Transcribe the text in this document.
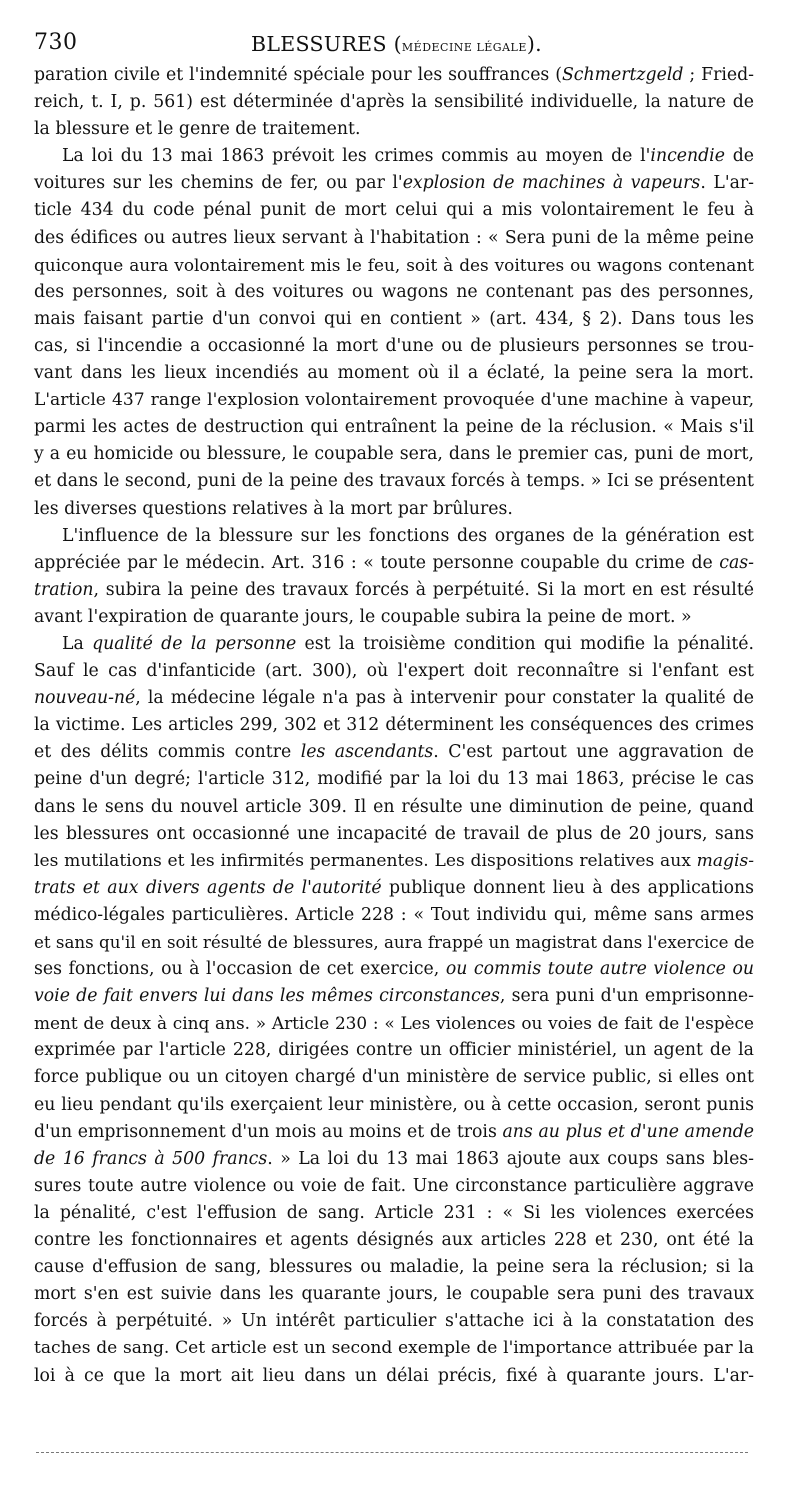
730	BLESSURES (MÉDECINE LÉGALE).
paration civile et l'indemnité spéciale pour les souffrances (Schmertzgeld ; Fried-
reich, t. I, p. 561) est déterminée d'après la sensibilité individuelle, la nature de
la blessure et le genre de traitement.
La loi du 13 mai 1863 prévoit les crimes commis au moyen de l'incendie de
voitures sur les chemins de fer, ou par l'explosion de machines à vapeurs. L'ar-
ticle 434 du code pénal punit de mort celui qui a mis volontairement le feu à
des édifices ou autres lieux servant à l'habitation : « Sera puni de la même peine
quiconque aura volontairement mis le feu, soit à des voitures ou wagons contenant
des personnes, soit à des voitures ou wagons ne contenant pas des personnes,
mais faisant partie d'un convoi qui en contient » (art. 434, § 2). Dans tous les
cas, si l'incendie a occasionné la mort d'une ou de plusieurs personnes se trou-
vant dans les lieux incendiés au moment où il a éclaté, la peine sera la mort.
L'article 437 range l'explosion volontairement provoquée d'une machine à vapeur,
parmi les actes de destruction qui entraînent la peine de la réclusion. « Mais s'il
y a eu homicide ou blessure, le coupable sera, dans le premier cas, puni de mort,
et dans le second, puni de la peine des travaux forcés à temps. » Ici se présentent
les diverses questions relatives à la mort par brûlures.
L'influence de la blessure sur les fonctions des organes de la génération est
appréciée par le médecin. Art. 316 : « toute personne coupable du crime de cas-
tration, subira la peine des travaux forcés à perpétuité. Si la mort en est résulté
avant l'expiration de quarante jours, le coupable subira la peine de mort. »
La qualité de la personne est la troisième condition qui modifie la pénalité.
Sauf le cas d'infanticide (art. 300), où l'expert doit reconnaître si l'enfant est
nouveau-né, la médecine légale n'a pas à intervenir pour constater la qualité de
la victime. Les articles 299, 302 et 312 déterminent les conséquences des crimes
et des délits commis contre les ascendants. C'est partout une aggravation de
peine d'un degré; l'article 312, modifié par la loi du 13 mai 1863, précise le cas
dans le sens du nouvel article 309. Il en résulte une diminution de peine, quand
les blessures ont occasionné une incapacité de travail de plus de 20 jours, sans
les mutilations et les infirmités permanentes. Les dispositions relatives aux magis-
trats et aux divers agents de l'autorité publique donnent lieu à des applications
médico-légales particulières. Article 228 : « Tout individu qui, même sans armes
et sans qu'il en soit résulté de blessures, aura frappé un magistrat dans l'exercice de
ses fonctions, ou à l'occasion de cet exercice, ou commis toute autre violence ou
voie de fait envers lui dans les mêmes circonstances, sera puni d'un emprisonne-
ment de deux à cinq ans. » Article 230 : « Les violences ou voies de fait de l'espèce
exprimée par l'article 228, dirigées contre un officier ministériel, un agent de la
force publique ou un citoyen chargé d'un ministère de service public, si elles ont
eu lieu pendant qu'ils exerçaient leur ministère, ou à cette occasion, seront punis
d'un emprisonnement d'un mois au moins et de trois ans au plus et d'une amende
de 16 francs à 500 francs. » La loi du 13 mai 1863 ajoute aux coups sans bles-
sures toute autre violence ou voie de fait. Une circonstance particulière aggrave
la pénalité, c'est l'effusion de sang. Article 231 : « Si les violences exercées
contre les fonctionnaires et agents désignés aux articles 228 et 230, ont été la
cause d'effusion de sang, blessures ou maladie, la peine sera la réclusion; si la
mort s'en est suivie dans les quarante jours, le coupable sera puni des travaux
forcés à perpétuité. » Un intérêt particulier s'attache ici à la constatation des
taches de sang. Cet article est un second exemple de l'importance attribuée par la
loi à ce que la mort ait lieu dans un délai précis, fixé à quarante jours. L'ar-
